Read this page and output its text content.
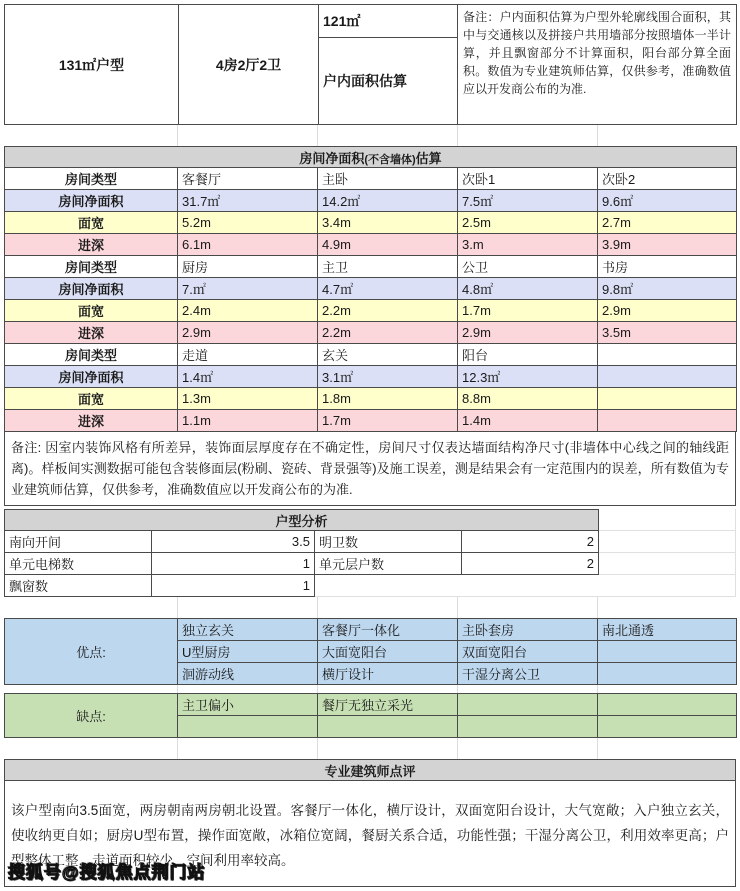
131㎡户型	4房2厅2卫	121㎡	备注：户内面积估算为户型外轮廓线围合面积，其中与交通核以及拼接户共用墙部分按照墙体一半计算，并且飘窗部分不计算面积，阳台部分算全面积。数值为专业建筑师估算，仅供参考，准确数值应以开发商公布的为准.
户内面积估算

房间净面积(不含墙体)估算				
房间类型	客餐厅	主卧	次卧1	次卧2
房间净面积	31.7㎡	14.2㎡	7.5㎡	9.6㎡
面宽	5.2m	3.4m	2.5m	2.7m
进深	6.1m	4.9m	3.m	3.9m
房间类型	厨房	主卫	公卫	书房
房间净面积	7.㎡	4.7㎡	4.8㎡	9.8㎡
面宽	2.4m	2.2m	1.7m	2.9m
进深	2.9m	2.2m	2.9m	3.5m
房间类型	走道	玄关	阳台	
房间净面积	1.4㎡	3.1㎡	12.3㎡	
面宽	1.3m	1.8m	8.8m	
进深	1.1m	1.7m	1.4m	
备注: 因室内装饰风格有所差异，装饰面层厚度存在不确定性，房间尺寸仅表达墙面结构净尺寸(非墙体中心线之间的轴线距离)。样板间实测数据可能包含装修面层(粉刷、瓷砖、背景强等)及施工误差，测是结果会有一定范围内的误差，所有数值为专业建筑师估算，仅供参考，准确数值应以开发商公布的为准.
户型分析			
南向开间	3.5	明卫数	2
单元电梯数	1	单元层户数	2
飘窗数	1		

优点:	独立玄关	客餐厅一体化	主卧套房	南北通透
	U型厨房	大面宽阳台	双面宽阳台	
	洄游动线	横厅设计	干湿分离公卫	

缺点:	主卫偏小	餐厅无独立采光		

专业建筑师点评
该户型南向3.5面宽，两房朝南两房朝北设置。客餐厅一体化，横厅设计，双面宽阳台设计，大气宽敞；入户独立玄关，使收纳更自如；厨房U型布置，操作面宽敞，冰箱位宽阔，餐厨关系合适，功能性强；干湿分离公卫，利用效率更高；户型整体工整，走道面积较少，空间利用率较高。
搜狐号@搜狐焦点荆门站
